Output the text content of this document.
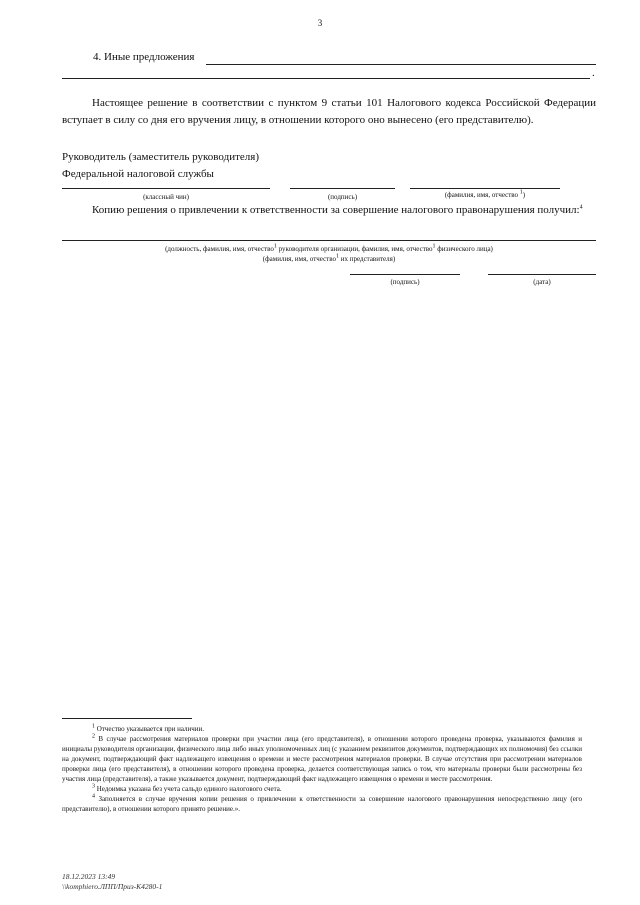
3
4. Иные предложения
.
Настоящее решение в соответствии с пунктом 9 статьи 101 Налогового кодекса Российской Федерации вступает в силу со дня его вручения лицу, в отношении которого оно вынесено (его представителю).
Руководитель (заместитель руководителя)
Федеральной налоговой службы
(классный чин)	(подпись)	(фамилия, имя, отчество $^1$)
Копию решения о привлечении к ответственности за совершение налогового правонарушения получил:$^4$
(должность, фамилия, имя, отчество$^1$ руководителя организации, фамилия, имя, отчество$^1$ физического лица)
(фамилия, имя, отчество$^1$ их представителя)
(подпись)	(дата)

$^1$ Отчество указывается при наличии.

$^2$ В случае рассмотрения материалов проверки при участии лица (его представителя), в отношении которого проведена проверка, указываются фамилия и инициалы руководителя организации, физического лица либо иных уполномоченных лиц (с указанием реквизитов документов, подтверждающих их полномочия) без ссылки на документ, подтверждающий факт надлежащего извещения о времени и месте рассмотрения материалов проверки. В случае отсутствия при рассмотрении материалов проверки лица (его представителя), в отношении которого проведена проверка, делается соответствующая запись о том, что материалы проверки были рассмотрены без участия лица (представителя), а также указывается документ, подтверждающий факт надлежащего извещения о времени и месте рассмотрения.

$^3$ Недоимка указана без учета сальдо единого налогового счета.

$^4$ Заполняется в случае вручения копии решения о привлечении к ответственности за совершение налогового правонарушения непосредственно лицу (его представителю), в отношении которого принято решение.».

18.12.2023 13:49
\\komphiero.ЛПП/Приз-К4280-1
